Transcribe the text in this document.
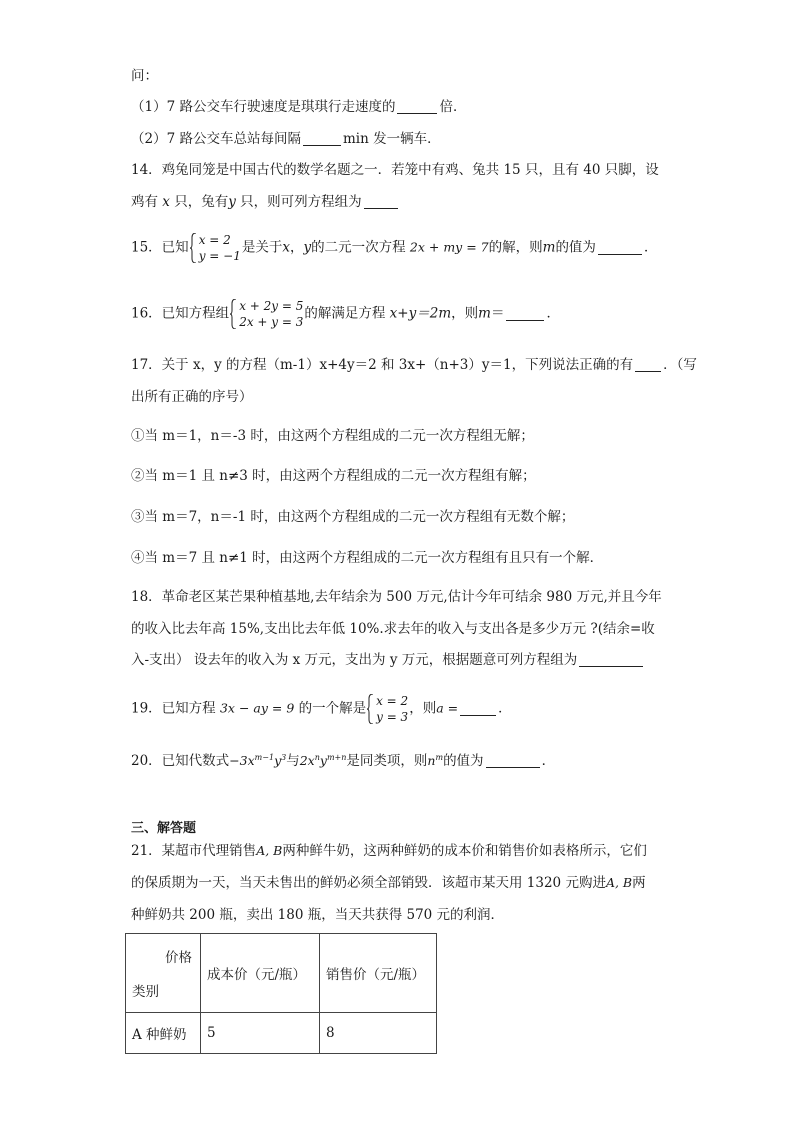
问：
（1）7 路公交车行驶速度是琪琪行走速度的	倍．
（2）7 路公交车总站每间隔	min 发一辆车．
14．鸡兔同笼是中国古代的数学名题之一．若笼中有鸡、兔共 15 只，且有 40 只脚，设
鸡有 x 只，兔有y 只，则可列方程组为
15．已知 x = 2
y = −1
是关于x，y的二元一次方程 2x + my = 7的解，则m的值为	．
16．已知方程组 x + 2y = 5
2x + y = 3
的解满足方程 x+y＝2m，则m＝	．
17．关于 x，y 的方程（m-1）x+4y＝2 和 3x+（n+3）y＝1，下列说法正确的有 ．（写
出所有正确的序号）
①当 m＝1，n＝-3 时，由这两个方程组成的二元一次方程组无解；
②当 m＝1 且 n≠3 时，由这两个方程组成的二元一次方程组有解；
③当 m＝7，n＝-1 时，由这两个方程组成的二元一次方程组有无数个解；
④当 m＝7 且 n≠1 时，由这两个方程组成的二元一次方程组有且只有一个解．
18．革命老区某芒果种植基地,去年结余为 500 万元,估计今年可结余 980 万元,并且今年
的收入比去年高 15%,支出比去年低 10%.求去年的收入与支出各是多少万元 ?(结余=收
入-支出） 设去年的收入为 x 万元，支出为 y 万元，根据题意可列方程组为
19．已知方程 3x − ay = 9 的一个解是 x = 2
y = 3
，则a =	．
20．已知代数式$-3x^{m-1}y^3$与$2x^ny^{m+n}$是同类项，则$n^m$的值为	．
三、解答题
21．某超市代理销售A, B两种鲜牛奶，这两种鲜奶的成本价和销售价如表格所示，它们
的保质期为一天，当天未售出的鲜奶必须全部销毁．该超市某天用 1320 元购进A, B两
种鲜奶共 200 瓶，卖出 180 瓶，当天共获得 570 元的利润．
价格
类别	成本价（元/瓶）	销售价（元/瓶）
A 种鲜奶	5	8
